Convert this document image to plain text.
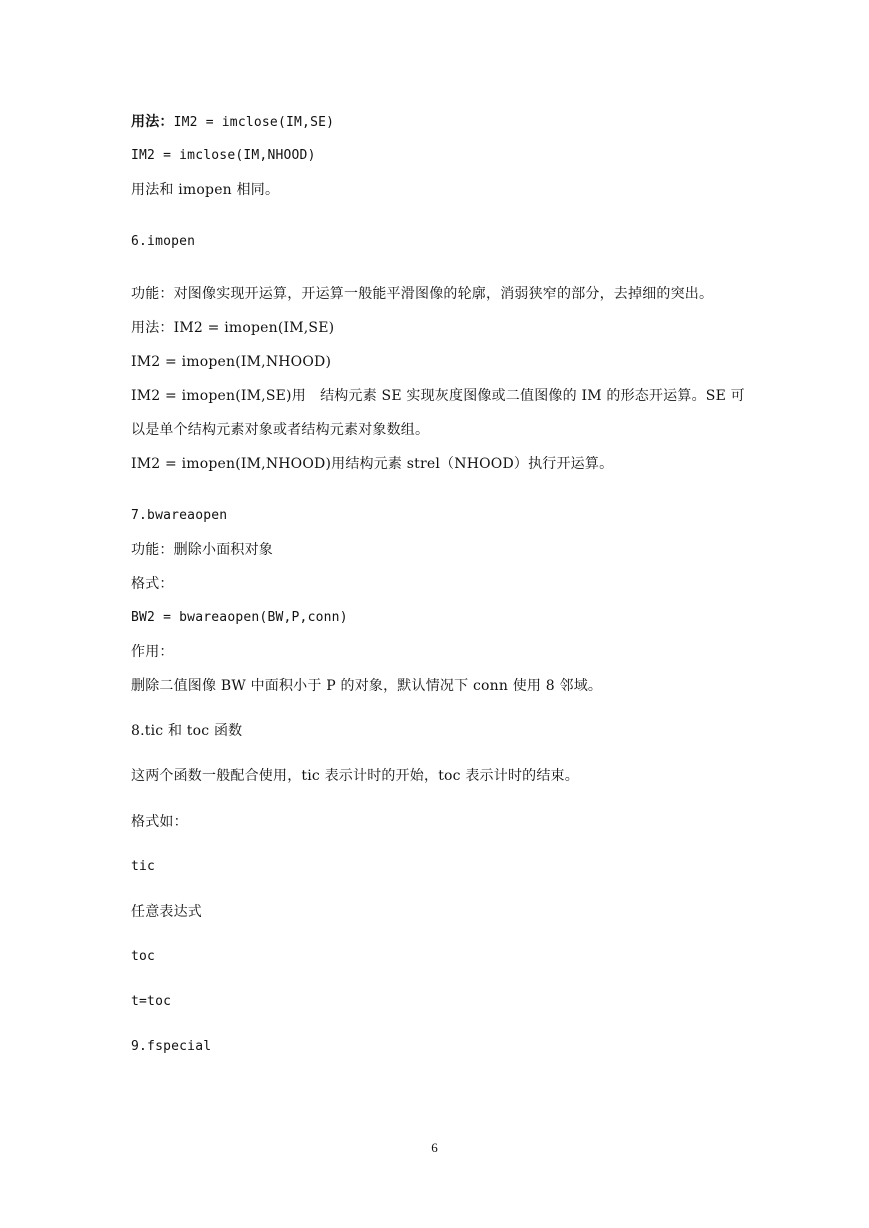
用法：IM2 = imclose(IM,SE)
IM2 = imclose(IM,NHOOD)
用法和 imopen 相同。
6.imopen
功能：对图像实现开运算，开运算一般能平滑图像的轮廓，消弱狭窄的部分，去掉细的突出。
用法：IM2 = imopen(IM,SE)
IM2 = imopen(IM,NHOOD)
IM2 = imopen(IM,SE)用　结构元素 SE 实现灰度图像或二值图像的 IM 的形态开运算。SE 可
以是单个结构元素对象或者结构元素对象数组。
IM2 = imopen(IM,NHOOD)用结构元素 strel（NHOOD）执行开运算。
7.bwareaopen
功能：删除小面积对象
格式：
BW2 = bwareaopen(BW,P,conn)
作用：
删除二值图像 BW 中面积小于 P 的对象，默认情况下 conn 使用 8 邻域。
8.tic 和 toc 函数
这两个函数一般配合使用，tic 表示计时的开始，toc 表示计时的结束。
格式如：
tic
任意表达式
toc
t=toc
9.fspecial
6
